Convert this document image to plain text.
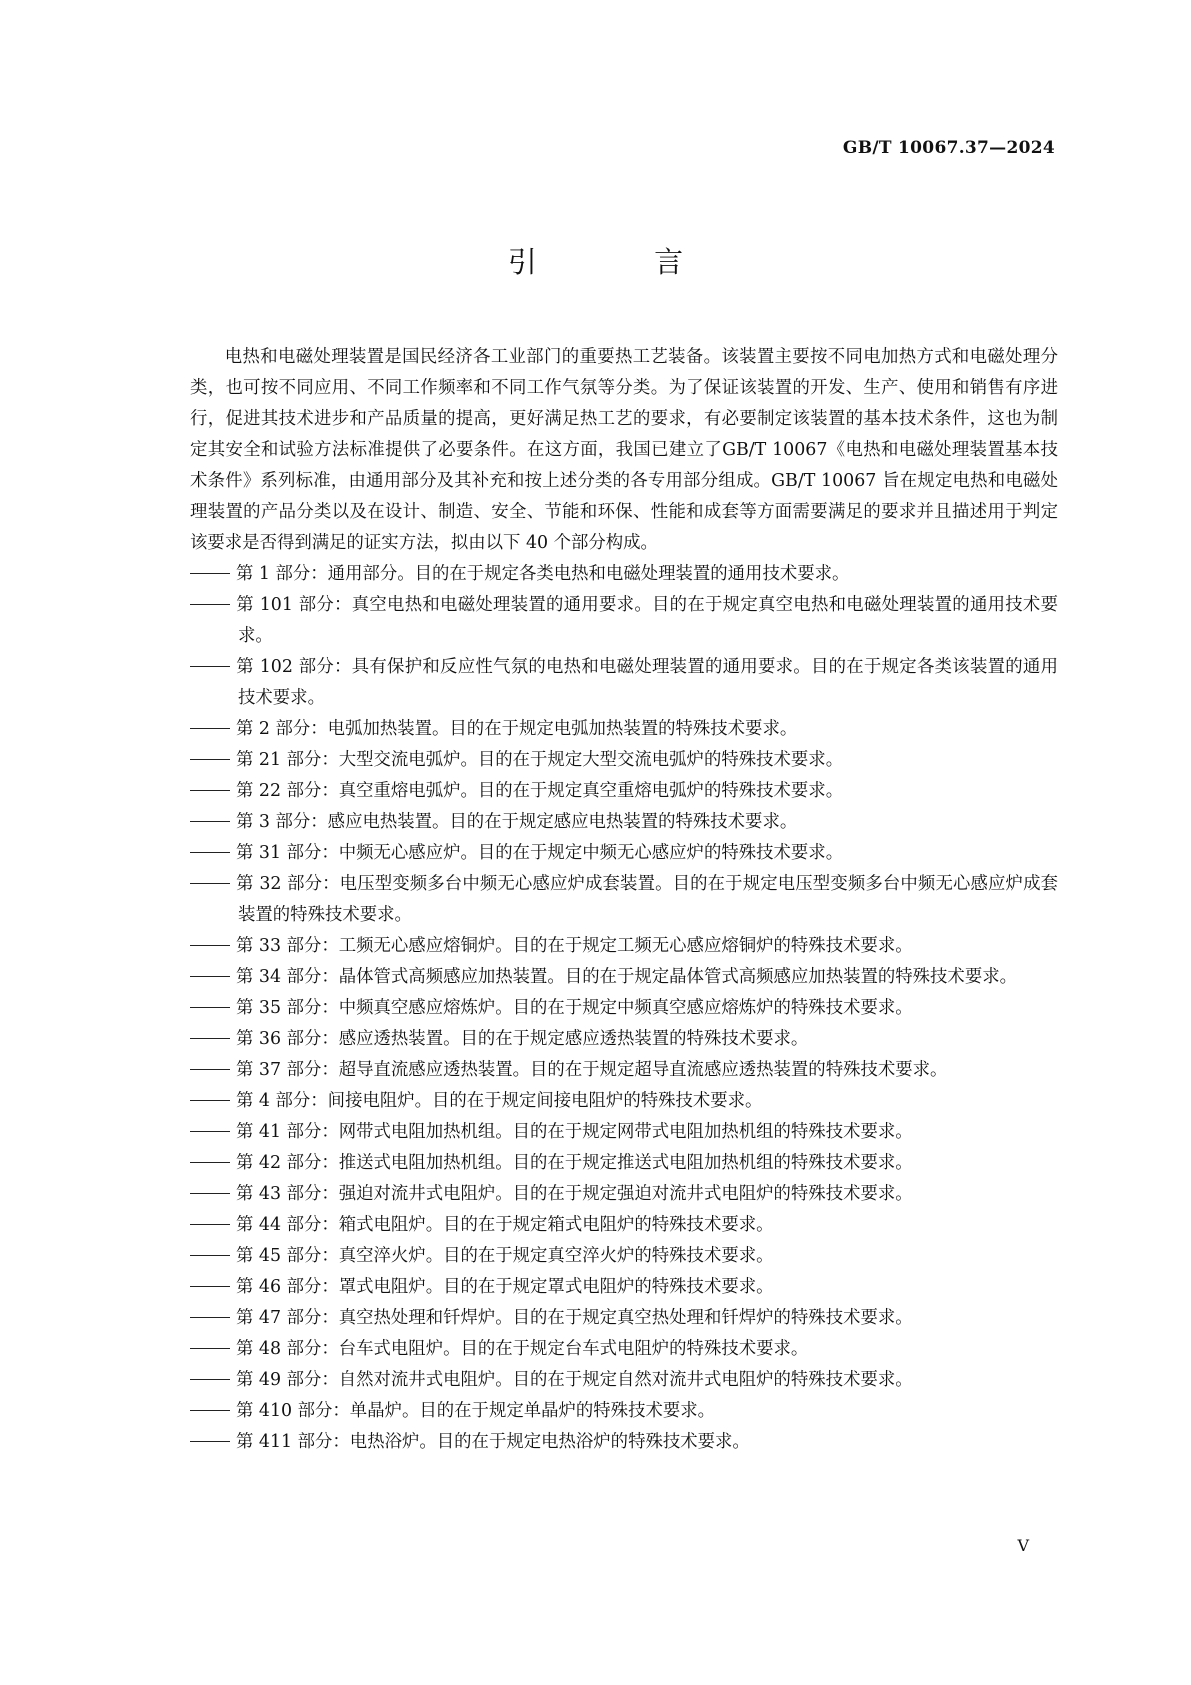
GB/T 10067.37—2024
引 言

电热和电磁处理装置是国民经济各工业部门的重要热工艺装备。该装置主要按不同电加热方式和电磁处理分类，也可按不同应用、不同工作频率和不同工作气氛等分类。为了保证该装置的开发、生产、使用和销售有序进行，促进其技术进步和产品质量的提高，更好满足热工艺的要求，有必要制定该装置的基本技术条件，这也为制定其安全和试验方法标准提供了必要条件。在这方面，我国已建立了GB/T 10067《电热和电磁处理装置基本技术条件》系列标准，由通用部分及其补充和按上述分类的各专用部分组成。GB/T 10067 旨在规定电热和电磁处理装置的产品分类以及在设计、制造、安全、节能和环保、性能和成套等方面需要满足的要求并且描述用于判定该要求是否得到满足的证实方法，拟由以下 40 个部分构成。

第 1 部分：通用部分。目的在于规定各类电热和电磁处理装置的通用技术要求。
第 101 部分：真空电热和电磁处理装置的通用要求。目的在于规定真空电热和电磁处理装置的通用技术要求。
第 102 部分：具有保护和反应性气氛的电热和电磁处理装置的通用要求。目的在于规定各类该装置的通用技术要求。
第 2 部分：电弧加热装置。目的在于规定电弧加热装置的特殊技术要求。
第 21 部分：大型交流电弧炉。目的在于规定大型交流电弧炉的特殊技术要求。
第 22 部分：真空重熔电弧炉。目的在于规定真空重熔电弧炉的特殊技术要求。
第 3 部分：感应电热装置。目的在于规定感应电热装置的特殊技术要求。
第 31 部分：中频无心感应炉。目的在于规定中频无心感应炉的特殊技术要求。
第 32 部分：电压型变频多台中频无心感应炉成套装置。目的在于规定电压型变频多台中频无心感应炉成套装置的特殊技术要求。
第 33 部分：工频无心感应熔铜炉。目的在于规定工频无心感应熔铜炉的特殊技术要求。
第 34 部分：晶体管式高频感应加热装置。目的在于规定晶体管式高频感应加热装置的特殊技术要求。
第 35 部分：中频真空感应熔炼炉。目的在于规定中频真空感应熔炼炉的特殊技术要求。
第 36 部分：感应透热装置。目的在于规定感应透热装置的特殊技术要求。
第 37 部分：超导直流感应透热装置。目的在于规定超导直流感应透热装置的特殊技术要求。
第 4 部分：间接电阻炉。目的在于规定间接电阻炉的特殊技术要求。
第 41 部分：网带式电阻加热机组。目的在于规定网带式电阻加热机组的特殊技术要求。
第 42 部分：推送式电阻加热机组。目的在于规定推送式电阻加热机组的特殊技术要求。
第 43 部分：强迫对流井式电阻炉。目的在于规定强迫对流井式电阻炉的特殊技术要求。
第 44 部分：箱式电阻炉。目的在于规定箱式电阻炉的特殊技术要求。
第 45 部分：真空淬火炉。目的在于规定真空淬火炉的特殊技术要求。
第 46 部分：罩式电阻炉。目的在于规定罩式电阻炉的特殊技术要求。
第 47 部分：真空热处理和钎焊炉。目的在于规定真空热处理和钎焊炉的特殊技术要求。
第 48 部分：台车式电阻炉。目的在于规定台车式电阻炉的特殊技术要求。
第 49 部分：自然对流井式电阻炉。目的在于规定自然对流井式电阻炉的特殊技术要求。
第 410 部分：单晶炉。目的在于规定单晶炉的特殊技术要求。
第 411 部分：电热浴炉。目的在于规定电热浴炉的特殊技术要求。
V
